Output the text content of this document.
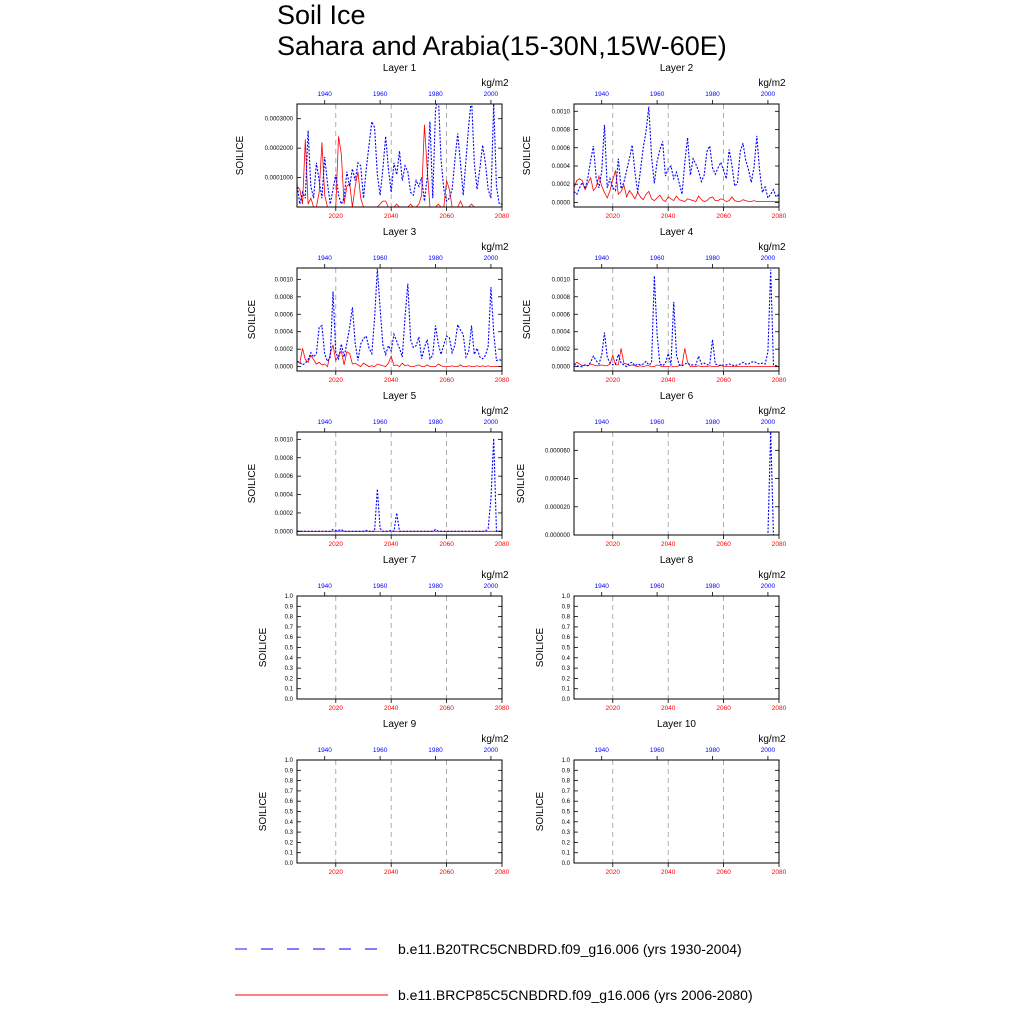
Soil Ice
Sahara and Arabia(15-30N,15W-60E)
Layer 1
kg/m2
0.0001000
0.0002000
0.0003000
1940	1960	1980	2000
2020	2040	2060	2080
SOILICE
Layer 2
kg/m2
0.0000
0.0002
0.0004
0.0006
0.0008
0.0010
1940	1960	1980	2000
2020	2040	2060	2080
SOILICE
Layer 3
kg/m2
0.0000
0.0002
0.0004
0.0006
0.0008
0.0010
1940	1960	1980	2000
2020	2040	2060	2080
SOILICE
Layer 4
kg/m2
0.0000
0.0002
0.0004
0.0006
0.0008
0.0010
1940	1960	1980	2000
2020	2040	2060	2080
SOILICE
Layer 5
kg/m2
0.0000
0.0002
0.0004
0.0006
0.0008
0.0010
1940	1960	1980	2000
2020	2040	2060	2080
SOILICE
Layer 6
kg/m2
0.000000
0.000020
0.000040
0.000060
1940	1960	1980	2000
2020	2040	2060	2080
SOILICE
Layer 7
kg/m2
0.0
0.1
0.2
0.3
0.4
0.5
0.6
0.7
0.8
0.9
1.0
1940	1960	1980	2000
2020	2040	2060	2080
SOILICE
Layer 8
kg/m2
0.0
0.1
0.2
0.3
0.4
0.5
0.6
0.7
0.8
0.9
1.0
1940	1960	1980	2000
2020	2040	2060	2080
SOILICE
Layer 9
kg/m2
0.0
0.1
0.2
0.3
0.4
0.5
0.6
0.7
0.8
0.9
1.0
1940	1960	1980	2000
2020	2040	2060	2080
SOILICE
Layer 10
kg/m2
0.0
0.1
0.2
0.3
0.4
0.5
0.6
0.7
0.8
0.9
1.0
1940	1960	1980	2000
2020	2040	2060	2080
SOILICE
b.e11.B20TRC5CNBDRD.f09_g16.006 (yrs 1930-2004)
b.e11.BRCP85C5CNBDRD.f09_g16.006 (yrs 2006-2080)
